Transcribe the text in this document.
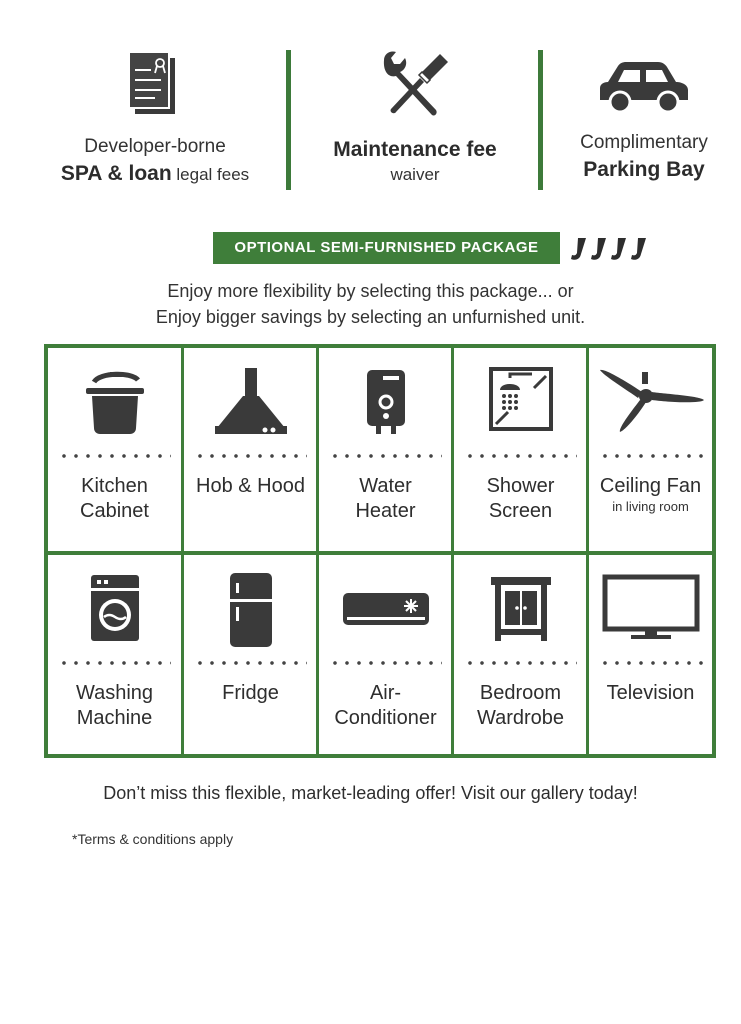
Developer-borne
SPA & loan legal fees
Maintenance fee
waiver
Complimentary
Parking Bay
OPTIONAL SEMI-FURNISHED PACKAGE
Enjoy more flexibility by selecting this package... or
Enjoy bigger savings by selecting an unfurnished unit.
Kitchen
Cabinet
Hob & Hood	Water
Heater
Shower
Screen
Ceiling Fan
in living room
Washing
Machine
Fridge	Air-
Conditioner
Bedroom
Wardrobe
Television

Don’t miss this flexible, market-leading offer! Visit our gallery today!
*Terms & conditions apply
